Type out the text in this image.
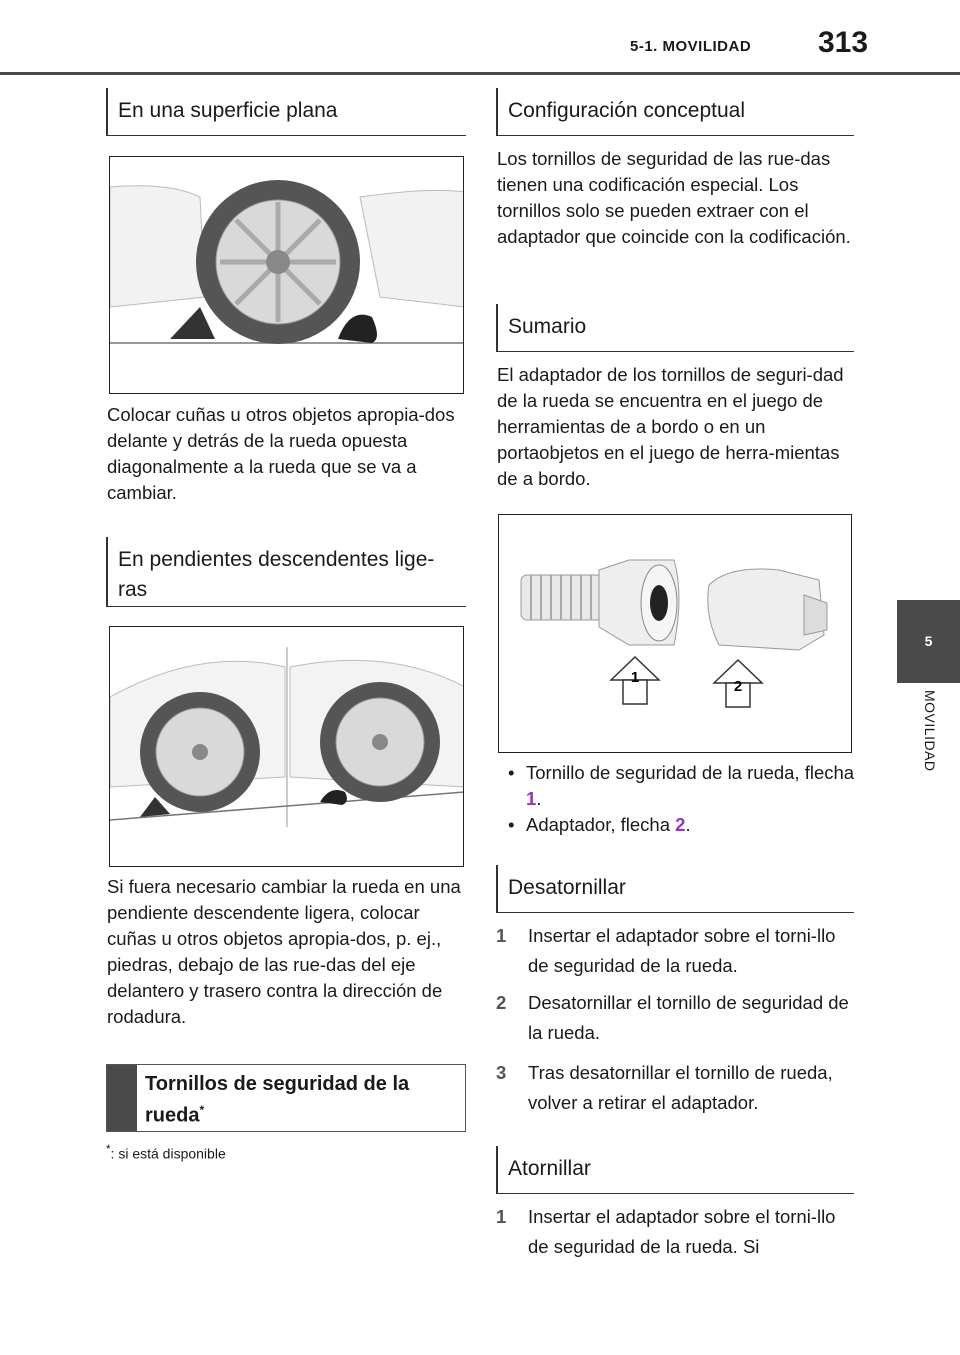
5-1. MOVILIDAD 313
5
MOVILIDAD
En una superficie plana

Colocar cuñas u otros objetos apropia-dos delante y detrás de la rueda opuesta diagonalmente a la rueda que se va a cambiar.

En pendientes descendentes lige-ras

Si fuera necesario cambiar la rueda en una pendiente descendente ligera, colocar cuñas u otros objetos apropia-dos, p. ej., piedras, debajo de las rue-das del eje delantero y trasero contra la dirección de rodadura.

Tornillos de seguridad de la rueda*
*: si está disponible
Configuración conceptual

Los tornillos de seguridad de las rue-das tienen una codificación especial. Los tornillos solo se pueden extraer con el adaptador que coincide con la codificación.

Sumario

El adaptador de los tornillos de seguri-dad de la rueda se encuentra en el juego de herramientas de a bordo o en un portaobjetos en el juego de herra-mientas de a bordo.

1
2
• Tornillo de seguridad de la rueda, flecha 1.
• Adaptador, flecha 2.
Desatornillar
1 Insertar el adaptador sobre el torni-llo de seguridad de la rueda.
2 Desatornillar el tornillo de seguridad de la rueda.
3 Tras desatornillar el tornillo de rueda, volver a retirar el adaptador.
Atornillar
1 Insertar el adaptador sobre el torni-llo de seguridad de la rueda. Si
